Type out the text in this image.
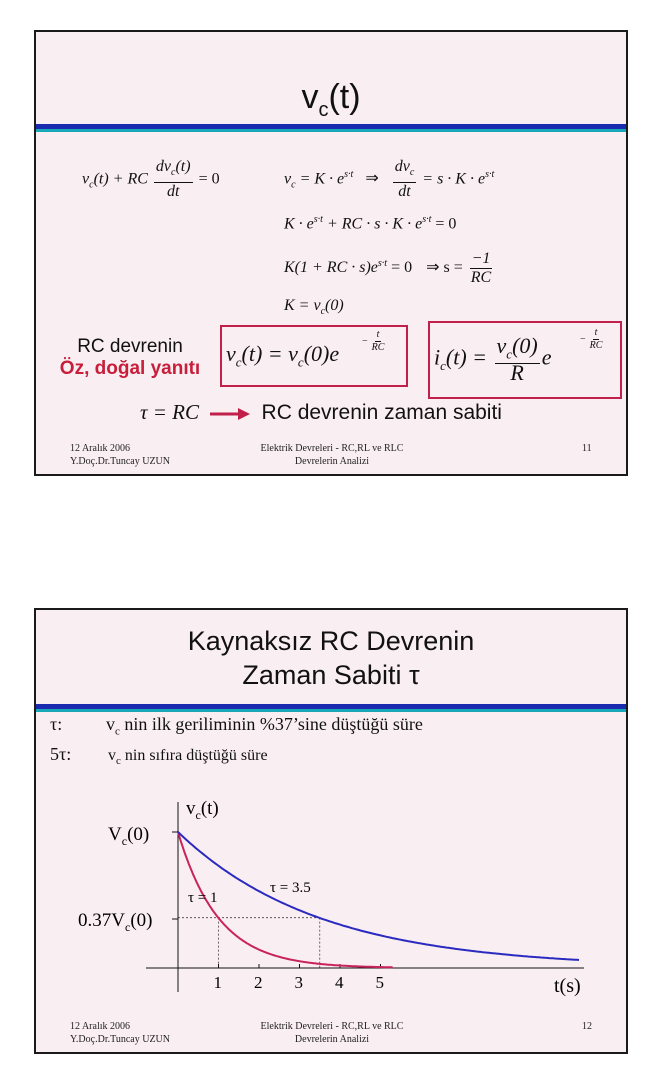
$v_c(t)$
$v_c(t)$ + RC $\frac{dv_c(t)}{dt} = 0$	$v_c = K \cdot e^{s\cdot t}$ ⇒ $\frac{dv_c}{dt} = s \cdot K \cdot e^{s\cdot t}$
$K \cdot e^{s\cdot t}$ + RC · $s \cdot K \cdot e^{s\cdot t} = 0$
K(1 + RC · $s)e^{s\cdot t} = 0$ ⇒ $s = \frac{-1}{RC}$
$K = v_c(0)$
RC devrenin
Öz, doğal yanıtı
$v_c(t) = v_c(0)e - \frac{t}{RC}$
$i_c(t) = \frac{v_c(0)}{R}$ e
− $\frac{t}{RC}$
τ = RC	RC devrenin zaman sabiti
12 Aralık 2006
Y.Doç.Dr.Tuncay UZUN
Elektrik Devreleri - RC,RL ve RLC
Devrelerin Analizi
11
Kaynaksız RC Devrenin
Zaman Sabiti τ
τ: $v_c$ nin ilk geriliminin %37’sine düştüğü süre
5τ: $v_c$ nin sıfıra düştüğü süre
1 2 3 4 5
$v_c(t)$
$V_c(0)$
$0.37V_c(0)$
t(s)
τ = 1
τ = 3.5
12 Aralık 2006
Y.Doç.Dr.Tuncay UZUN
Elektrik Devreleri - RC,RL ve RLC
Devrelerin Analizi
12
